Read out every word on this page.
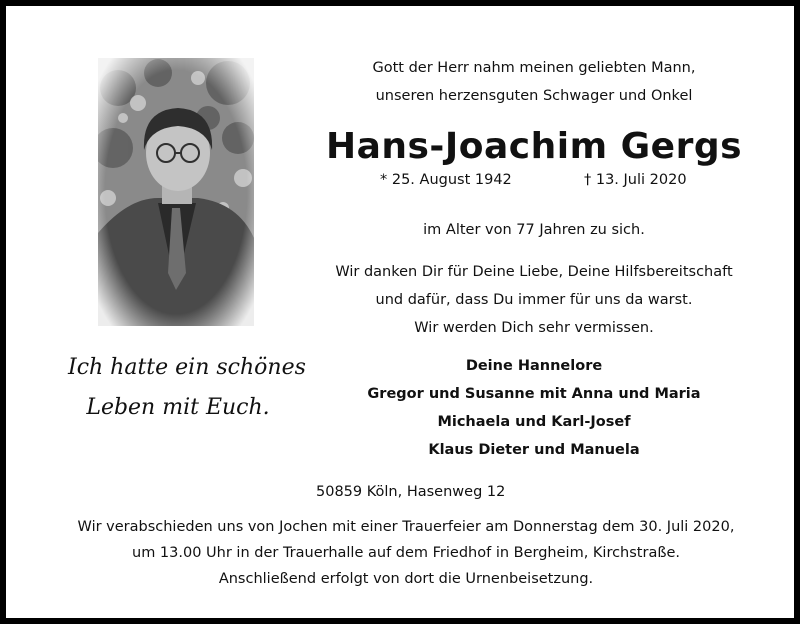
Ich hatte ein schönes
Leben mit Euch.
Gott der Herr nahm meinen geliebten Mann,
unseren herzensguten Schwager und Onkel
Hans-Joachim Gergs
* 25. August 1942	† 13. Juli 2020
im Alter von 77 Jahren zu sich.
Wir danken Dir für Deine Liebe, Deine Hilfsbereitschaft
und dafür, dass Du immer für uns da warst.
Wir werden Dich sehr vermissen.
Deine Hannelore
Gregor und Susanne mit Anna und Maria
Michaela und Karl-Josef
Klaus Dieter und Manuela
50859 Köln, Hasenweg 12
Wir verabschieden uns von Jochen mit einer Trauerfeier am Donnerstag dem 30. Juli 2020,
um 13.00 Uhr in der Trauerhalle auf dem Friedhof in Bergheim, Kirchstraße.
Anschließend erfolgt von dort die Urnenbeisetzung.
